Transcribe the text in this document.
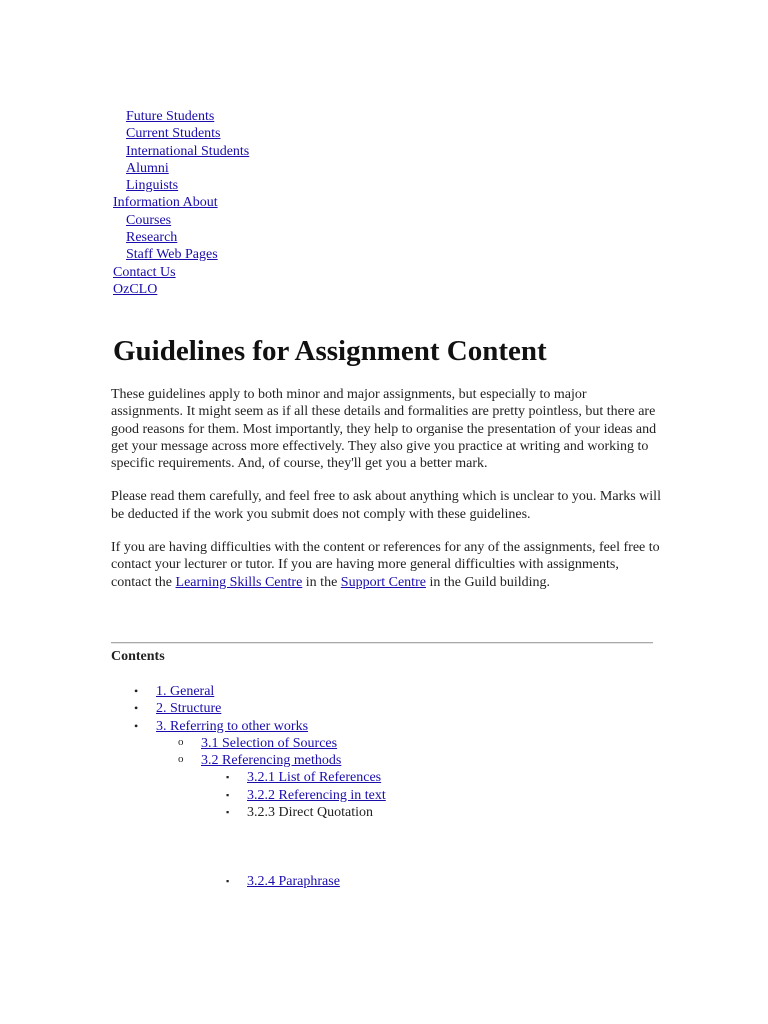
Future Students
Current Students
International Students
Alumni
Linguists
Information About
Courses
Research
Staff Web Pages
Contact Us
OzCLO
Guidelines for Assignment Content

These guidelines apply to both minor and major assignments, but especially to major assignments. It might seem as if all these details and formalities are pretty pointless, but there are good reasons for them. Most importantly, they help to organise the presentation of your ideas and get your message across more effectively. They also give you practice at writing and working to specific requirements. And, of course, they'll get you a better mark.

Please read them carefully, and feel free to ask about anything which is unclear to you. Marks will be deducted if the work you submit does not comply with these guidelines.

If you are having difficulties with the content or references for any of the assignments, feel free to contact your lecturer or tutor. If you are having more general difficulties with assignments, contact the Learning Skills Centre in the Support Centre in the Guild building.

Contents
• 1. General
• 2. Structure
• 3. Referring to other works
o 3.1 Selection of Sources
o 3.2 Referencing methods
▪ 3.2.1 List of References
▪ 3.2.2 Referencing in text
▪ 3.2.3 Direct Quotation
▪ 3.2.4 Paraphrase
